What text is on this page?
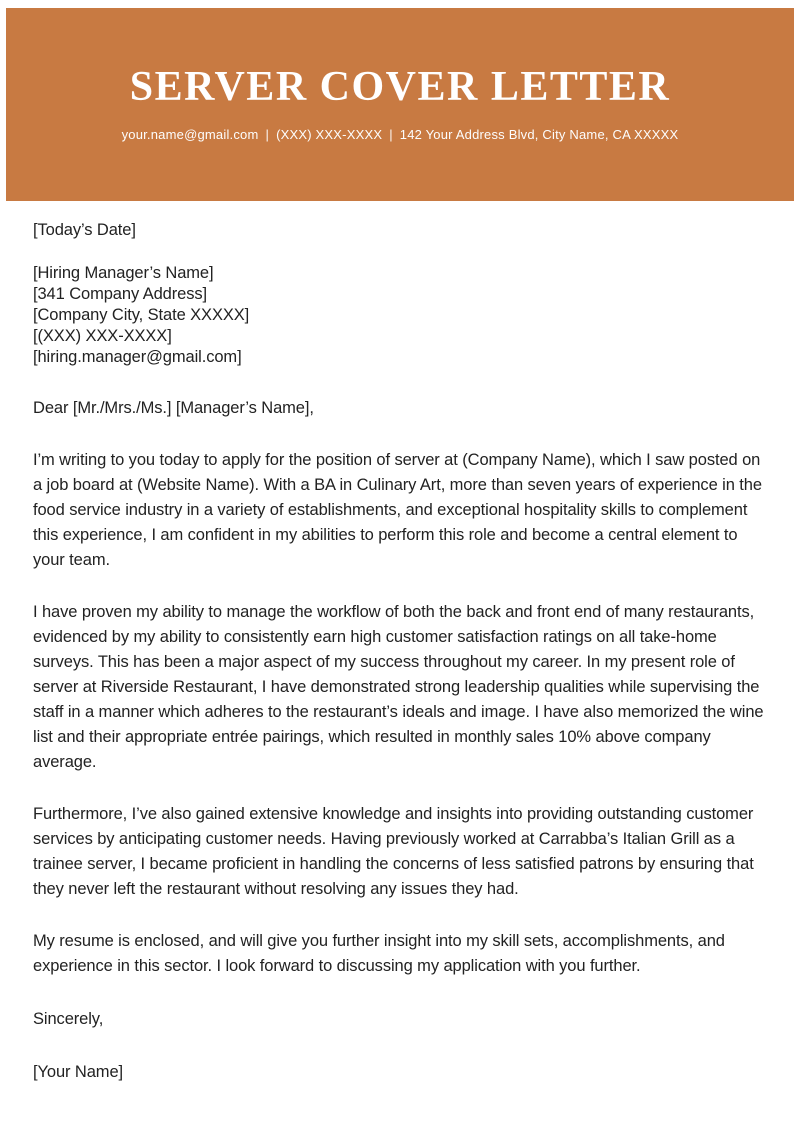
SERVER COVER LETTER
your.name@gmail.com | (XXX) XXX-XXXX | 142 Your Address Blvd, City Name, CA XXXXX

[Today’s Date]

[Hiring Manager’s Name]

[341 Company Address]

[Company City, State XXXXX]

[(XXX) XXX-XXXX]

[hiring.manager@gmail.com]

Dear [Mr./Mrs./Ms.] [Manager’s Name],

I’m writing to you today to apply for the position of server at (Company Name), which I saw posted on a job board at (Website Name). With a BA in Culinary Art, more than seven years of experience in the food service industry in a variety of establishments, and exceptional hospitality skills to complement this experience, I am confident in my abilities to perform this role and become a central element to your team.

I have proven my ability to manage the workflow of both the back and front end of many restaurants, evidenced by my ability to consistently earn high customer satisfaction ratings on all take-home surveys. This has been a major aspect of my success throughout my career. In my present role of server at Riverside Restaurant, I have demonstrated strong leadership qualities while supervising the staff in a manner which adheres to the restaurant’s ideals and image. I have also memorized the wine list and their appropriate entrée pairings, which resulted in monthly sales 10% above company average.

Furthermore, I’ve also gained extensive knowledge and insights into providing outstanding customer services by anticipating customer needs. Having previously worked at Carrabba’s Italian Grill as a trainee server, I became proficient in handling the concerns of less satisfied patrons by ensuring that they never left the restaurant without resolving any issues they had.

My resume is enclosed, and will give you further insight into my skill sets, accomplishments, and experience in this sector. I look forward to discussing my application with you further.

Sincerely,

[Your Name]
